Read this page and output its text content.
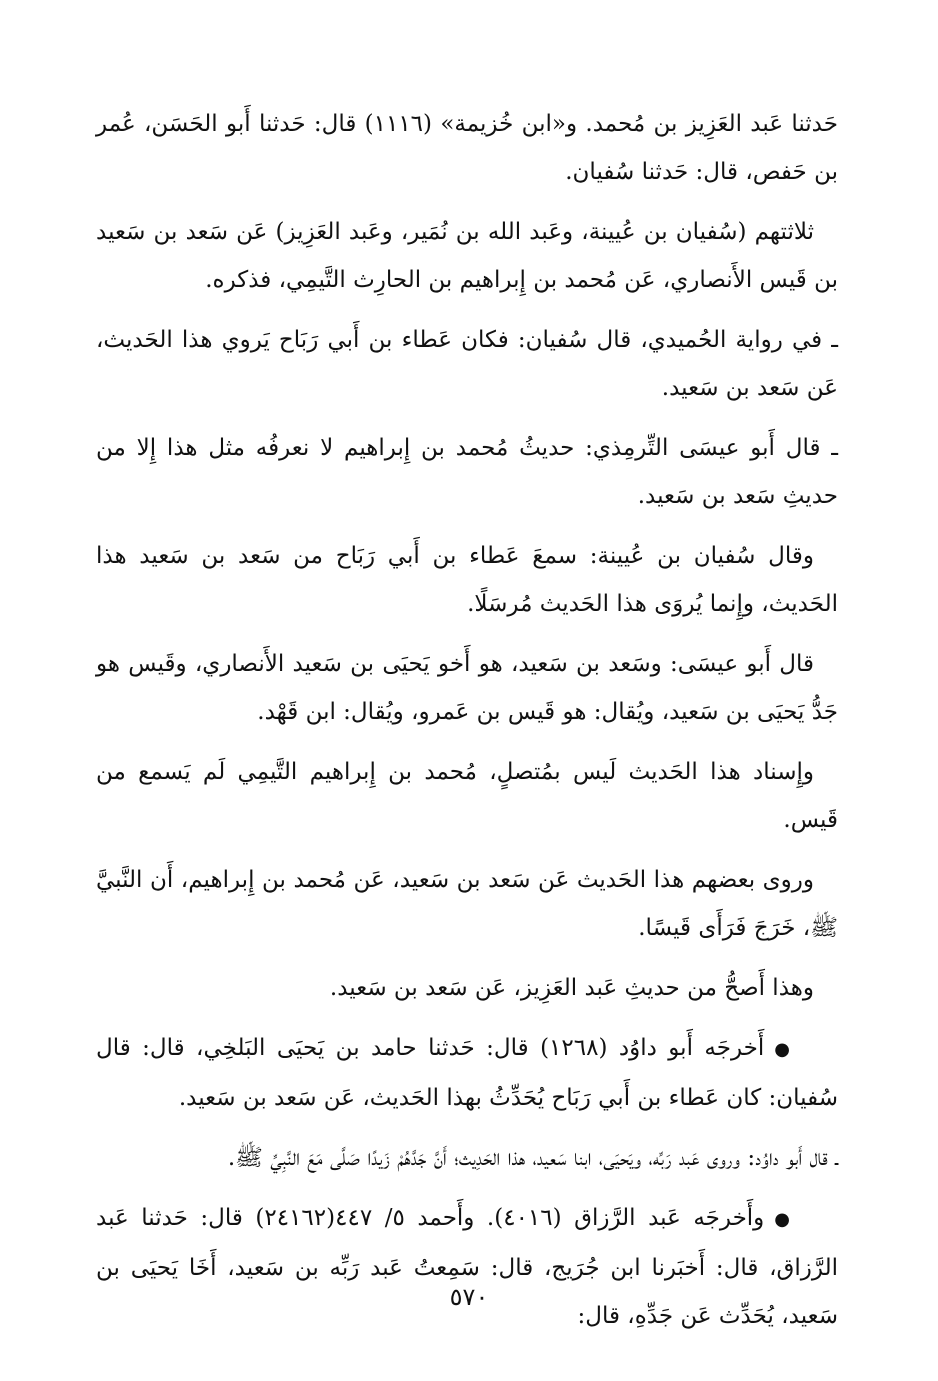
حَدثنا عَبد العَزِيز بن مُحمد. و«ابن خُزيمة» (١١١٦) قال: حَدثنا أَبو الحَسَن، عُمر بن حَفص، قال: حَدثنا سُفيان.

ثلاثتهم (سُفيان بن عُيينة، وعَبد الله بن نُمَير، وعَبد العَزِيز) عَن سَعد بن سَعيد بن قَيس الأَنصاري، عَن مُحمد بن إِبراهيم بن الحارِث التَّيمِي، فذكره.

ـ في رواية الحُميدي، قال سُفيان: فكان عَطاء بن أَبي رَبَاح يَروي هذا الحَديث، عَن سَعد بن سَعيد.

ـ قال أَبو عيسَى التِّرمِذي: حديثُ مُحمد بن إِبراهيم لا نعرفُه مثل هذا إِلا من حديثِ سَعد بن سَعيد.

وقال سُفيان بن عُيينة: سمعَ عَطاء بن أَبي رَبَاح من سَعد بن سَعيد هذا الحَديث، وإِنما يُروَى هذا الحَديث مُرسَلًا.

قال أَبو عيسَى: وسَعد بن سَعيد، هو أَخو يَحيَى بن سَعيد الأَنصاري، وقَيس هو جَدُّ يَحيَى بن سَعيد، ويُقال: هو قَيس بن عَمرو، ويُقال: ابن قَهْد.

وإِسناد هذا الحَديث لَيس بمُتصلٍ، مُحمد بن إِبراهيم التَّيمِي لَم يَسمع من قَيس.

وروى بعضهم هذا الحَديث عَن سَعد بن سَعيد، عَن مُحمد بن إِبراهيم، أَن النَّبيَّ ﷺ، خَرَجَ فَرَأَى قَيسًا.

وهذا أَصحُّ من حديثِ عَبد العَزِيز، عَن سَعد بن سَعيد.

●أَخرجَه أَبو داوُد (١٢٦٨) قال: حَدثنا حامد بن يَحيَى البَلخِي، قال: قال سُفيان: كان عَطاء بن أَبي رَبَاح يُحَدِّثُ بهذا الحَديث، عَن سَعد بن سَعيد.

ـ قال أَبو داوُد: وروى عَبد رَبِّه، ويَحيَى، ابنا سَعيد، هذا الحَدِيث؛ أَنَّ جَدَّهُمْ زَيدًا صَلَّى مَعَ النَّبِيِّ ﷺ.

●وأَخرجَه عَبد الرَّزاق (٤٠١٦). وأَحمد ٥/ ٤٤٧(٢٤١٦٢) قال: حَدثنا عَبد الرَّزاق، قال: أَخبَرنا ابن جُرَيج، قال: سَمِعتُ عَبد رَبِّه بن سَعيد، أَخَا يَحيَى بن سَعيد، يُحَدِّث عَن جَدِّهِ، قال:

٥٧٠
